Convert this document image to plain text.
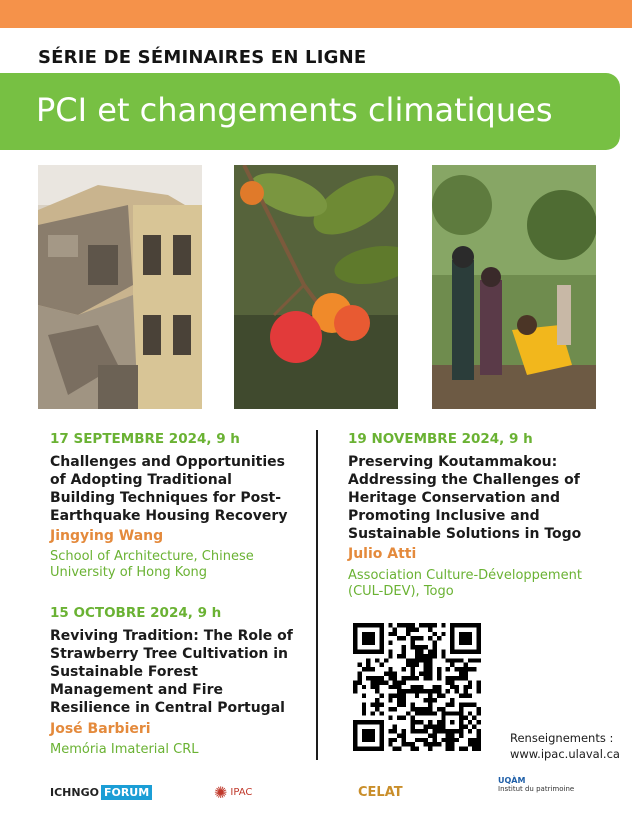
SÉRIE DE SÉMINAIRES EN LIGNE
PCI et changements climatiques
17 SEPTEMBRE 2024, 9 h
Challenges and Opportunities
of Adopting Traditional
Building Techniques for Post-
Earthquake Housing Recovery
Jingying Wang
School of Architecture, Chinese
University of Hong Kong
15 OCTOBRE 2024, 9 h
Reviving Tradition: The Role of
Strawberry Tree Cultivation in
Sustainable Forest
Management and Fire
Resilience in Central Portugal
José Barbieri
Memória Imaterial CRL
19 NOVEMBRE 2024, 9 h
Preserving Koutammakou:
Addressing the Challenges of
Heritage Conservation and
Promoting Inclusive and
Sustainable Solutions in Togo
Julio Atti
Association Culture-Développement
(CUL-DEV), Togo
Renseignements :
www.ipac.ulaval.ca
ICHNGO FORUM	✺ IPAC	CELAT
UQÀM
Institut du patrimoine
